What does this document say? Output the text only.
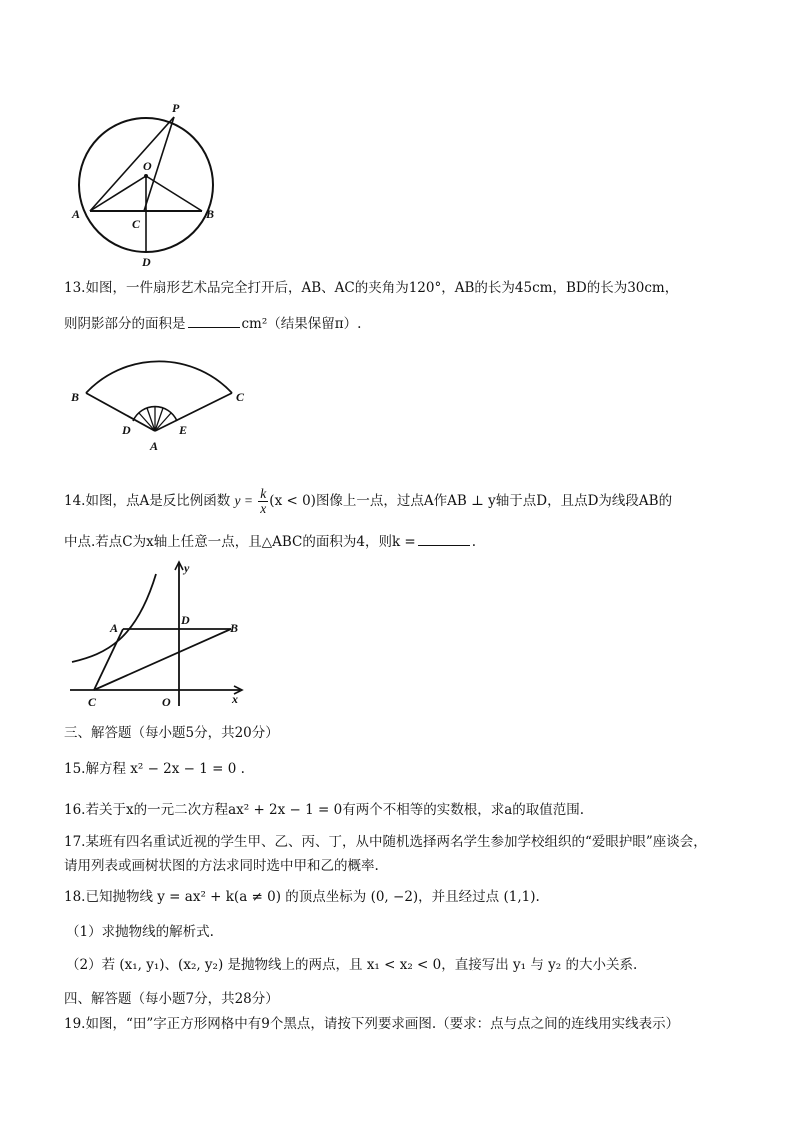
P
O
A	B
C
D
13.如图，一件扇形艺术品完全打开后，AB、AC的夹角为120°，AB的长为45cm，BD的长为30cm，
则阴影部分的面积是	cm²（结果保留π）.
B	C
D	E
A
14.如图，点A是反比例函数 $y = \frac{k}{x} (x < 0)$图像上一点，过点A作AB ⊥ y轴于点D，且点D为线段AB的
中点.若点C为x轴上任意一点，且△ABC的面积为4，则k =	.
y
x
A
D
B
C	O
三、解答题（每小题5分，共20分）
15.解方程 x² − 2x − 1 = 0 .
16.若关于x的一元二次方程ax² + 2x − 1 = 0有两个不相等的实数根，求a的取值范围.
17.某班有四名重试近视的学生甲、乙、丙、丁，从中随机选择两名学生参加学校组织的“爱眼护眼”座谈会，
请用列表或画树状图的方法求同时选中甲和乙的概率.
18.已知抛物线 y = ax² + k(a ≠ 0) 的顶点坐标为 (0, −2)，并且经过点 (1,1).
（1）求抛物线的解析式.
（2）若 (x₁, y₁)、(x₂, y₂) 是抛物线上的两点，且 x₁ < x₂ < 0，直接写出 y₁ 与 y₂ 的大小关系.
四、解答题（每小题7分，共28分）
19.如图，“田”字正方形网格中有9个黑点，请按下列要求画图.（要求：点与点之间的连线用实线表示）
